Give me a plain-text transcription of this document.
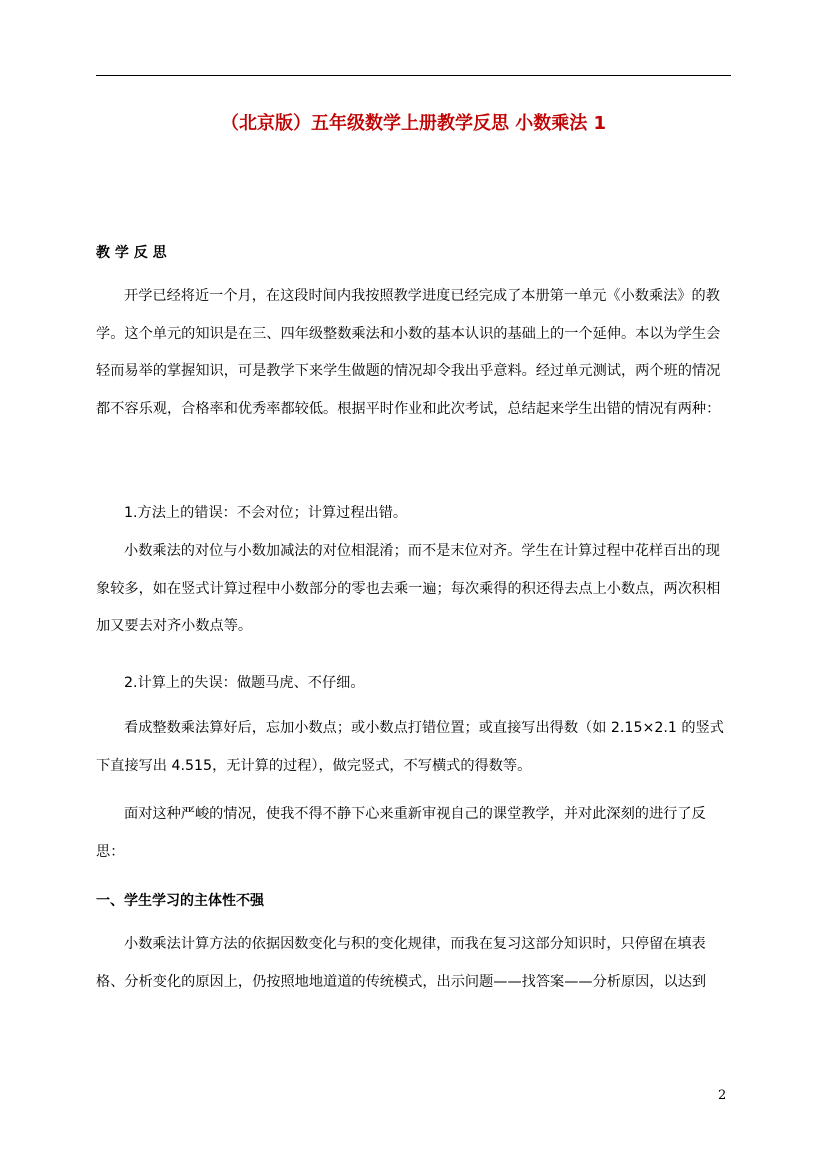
（北京版）五年级数学上册教学反思 小数乘法 1
教 学 反 思

开学已经将近一个月，在这段时间内我按照教学进度已经完成了本册第一单元《小数乘法》的教学。这个单元的知识是在三、四年级整数乘法和小数的基本认识的基础上的一个延伸。本以为学生会轻而易举的掌握知识，可是教学下来学生做题的情况却令我出乎意料。经过单元测试，两个班的情况都不容乐观，合格率和优秀率都较低。根据平时作业和此次考试，总结起来学生出错的情况有两种：

1.方法上的错误：不会对位；计算过程出错。

小数乘法的对位与小数加减法的对位相混淆；而不是末位对齐。学生在计算过程中花样百出的现象较多，如在竖式计算过程中小数部分的零也去乘一遍；每次乘得的积还得去点上小数点，两次积相加又要去对齐小数点等。

2.计算上的失误：做题马虎、不仔细。

看成整数乘法算好后，忘加小数点；或小数点打错位置；或直接写出得数（如 2.15×2.1 的竖式下直接写出 4.515，无计算的过程），做完竖式，不写横式的得数等。

面对这种严峻的情况，使我不得不静下心来重新审视自己的课堂教学，并对此深刻的进行了反思：

一、学生学习的主体性不强

小数乘法计算方法的依据因数变化与积的变化规律，而我在复习这部分知识时，只停留在填表格、分析变化的原因上，仍按照地地道道的传统模式，出示问题——找答案——分析原因，以达到

2
